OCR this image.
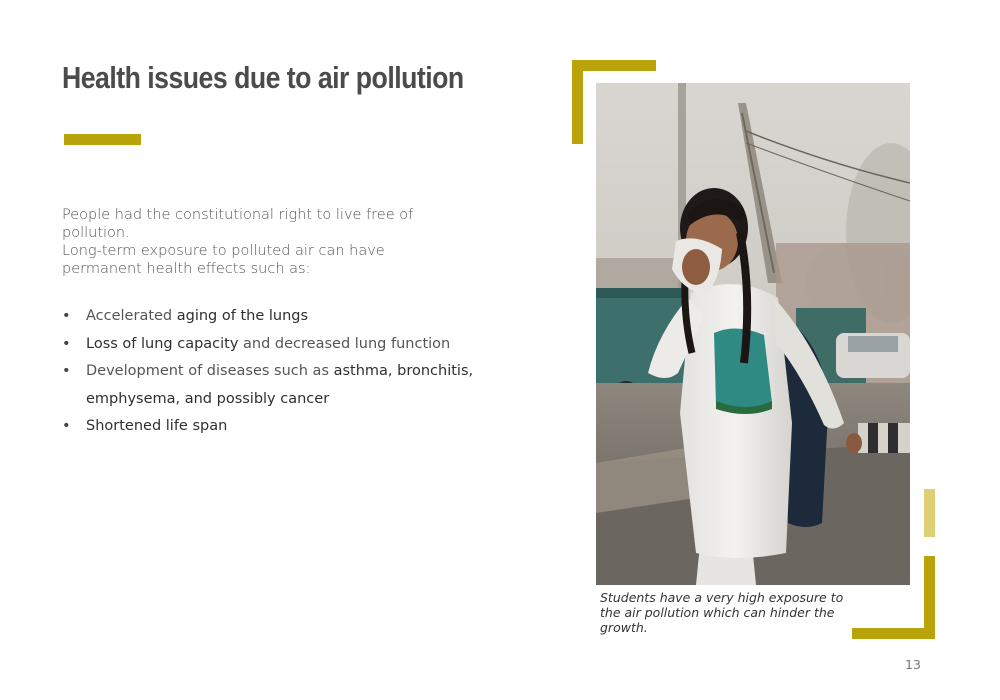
Health issues due to air pollution

People had the constitutional right to live free of pollution.

Long-term exposure to polluted air can have permanent health effects such as:

• Accelerated aging of the lungs
• Loss of lung capacity and decreased lung function
• Development of diseases such as asthma, bronchitis, emphysema, and possibly cancer
• Shortened life span

Students have a very high exposure to the air pollution which can hinder the growth.

13
